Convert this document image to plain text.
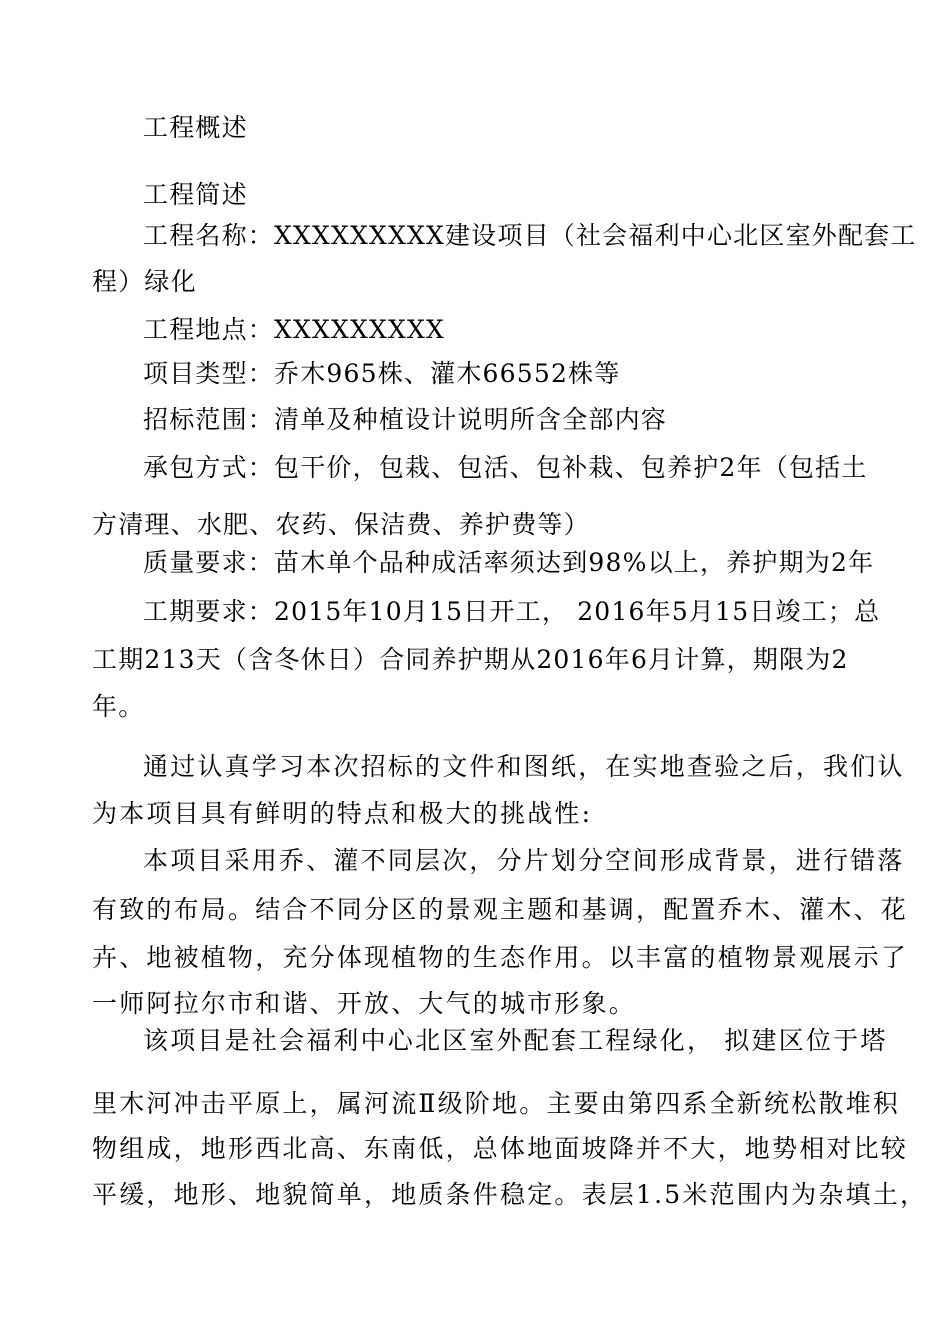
工程概述
工程简述
工程名称：XXXXXXXXX建设项目（社会福利中心北区室外配套工
程）绿化
工程地点：XXXXXXXXX
项目类型：乔木965株、灌木66552株等
招标范围：清单及种植设计说明所含全部内容
承包方式：包干价，包栽、包活、包补栽、包养护2年（包括土
方清理、水肥、农药、保洁费、养护费等）
质量要求：苗木单个品种成活率须达到98%以上，养护期为2年
工期要求：2015年10月15日开工， 2016年5月15日竣工；总
工期213天（含冬休日）合同养护期从2016年6月计算，期限为2
年。
通过认真学习本次招标的文件和图纸，在实地查验之后，我们认
为本项目具有鲜明的特点和极大的挑战性:
本项目采用乔、灌不同层次，分片划分空间形成背景，进行错落
有致的布局。结合不同分区的景观主题和基调，配置乔木、灌木、花
卉、地被植物，充分体现植物的生态作用。以丰富的植物景观展示了
一师阿拉尔市和谐、开放、大气的城市形象。
该项目是社会福利中心北区室外配套工程绿化， 拟建区位于塔
里木河冲击平原上，属河流Ⅱ级阶地。主要由第四系全新统松散堆积
物组成，地形西北高、东南低，总体地面坡降并不大，地势相对比较
平缓，地形、地貌简单，地质条件稳定。表层1.5米范围内为杂填土，
